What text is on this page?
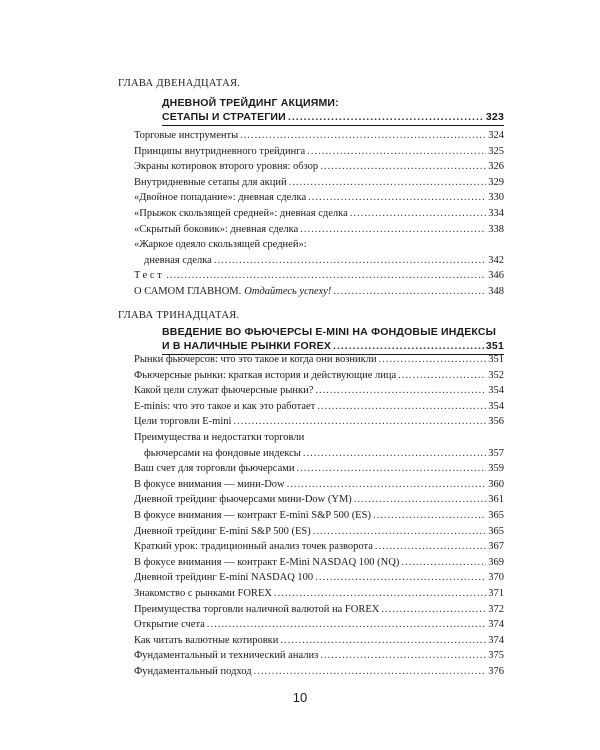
ГЛАВА ДВЕНАДЦАТАЯ.
ДНЕВНОЙ ТРЕЙДИНГ АКЦИЯМИ:
СЕТАПЫ И СТРАТЕГИИ .....	323
Торговые инструменты .....	324
Принципы внутридневного трейдинга .....	325
Экраны котировок второго уровня: обзор .....	326
Внутридневные сетапы для акций .....	329
«Двойное попадание»: дневная сделка .....	330
«Прыжок скользящей средней»: дневная сделка .....	334
«Скрытый боковик»: дневная сделка .....	338
«Жаркое одеяло скользящей средней»:
дневная сделка .....	342
Тест .....	346
О САМОМ ГЛАВНОМ. Отдайтесь успеху! .....	348
ГЛАВА ТРИНАДЦАТАЯ.
ВВЕДЕНИЕ ВО ФЬЮЧЕРСЫ E-MINI НА ФОНДОВЫЕ ИНДЕКСЫ
И В НАЛИЧНЫЕ РЫНКИ FOREX .....	351
Рынки фьючерсов: что это такое и когда они возникли .....	351
Фьючерсные рынки: краткая история и действующие лица .....	352
Какой цели служат фьючерсные рынки? .....	354
E-minis: что это такое и как это работает .....	354
Цели торговли E-mini .....	356
Преимущества и недостатки торговли
фьючерсами на фондовые индексы .....	357
Ваш счет для торговли фьючерсами .....	359
В фокусе внимания — мини-Dow .....	360
Дневной трейдинг фьючерсами мини-Dow (YM) .....	361
В фокусе внимания — контракт E-mini S&P 500 (ES) .....	365
Дневной трейдинг E-mini S&P 500 (ES) .....	365
Краткий урок: традиционный анализ точек разворота .....	367
В фокусе внимания — контракт E-Mini NASDAQ 100 (NQ) .....	369
Дневной трейдинг E-mini NASDAQ 100 .....	370
Знакомство с рынками FOREX .....	371
Преимущества торговли наличной валютой на FOREX .....	372
Открытие счета .....	374
Как читать валютные котировки .....	374
Фундаментальный и технический анализ .....	375
Фундаментальный подход .....	376
10
